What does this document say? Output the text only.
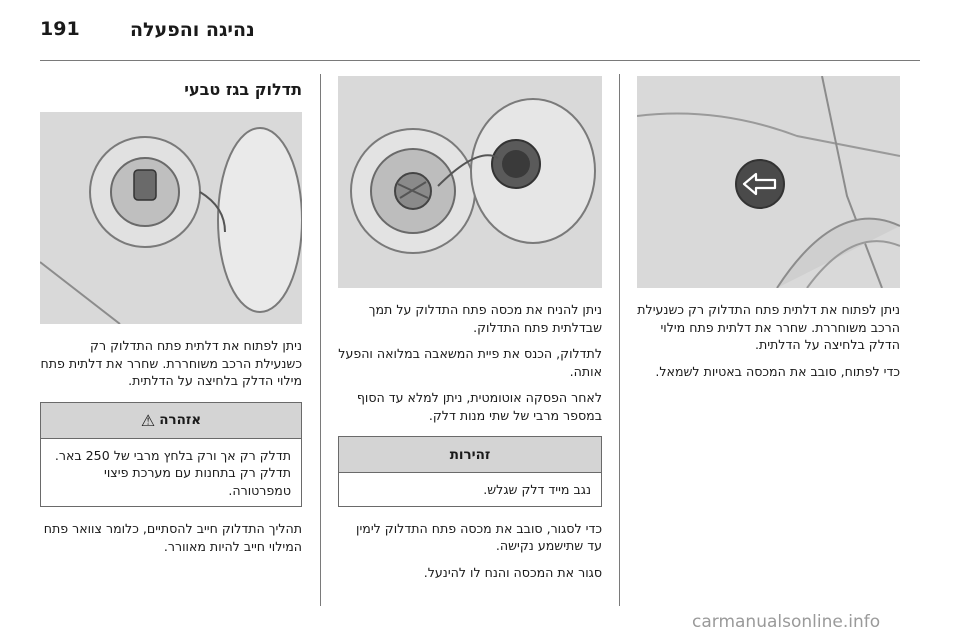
191	נהיגה והפעלה

ניתן לפתוח את דלתית פתח התדלוק רק כשנעילת הרכב משוחררת. שחרר את דלתית פתח מילוי הדלק בלחיצה על הדלתית.

כדי לפתוח, סובב את המכסה באטיות לשמאל.

ניתן להניח את מכסה פתח התדלוק על תמך שבדלתית פתח התדלוק.

לתדלוק, הכנס את פיית המשאבה במלואה והפעל אותה.

לאחר הפסקה אוטומטית, ניתן למלא עד הסוף במספר מרבי של שתי מנות דלק.

זהירות
נגב מייד דלק שגלש.

כדי לסגור, סובב את מכסה פתח התדלוק לימין עד שתישמע נקישה.

סגור את המכסה והנח לו להינעל.

תדלוק בגז טבעי

ניתן לפתוח את דלתית פתח התדלוק רק כשנעילת הרכב משוחררת. שחרר את דלתית פתח מילוי הדלק בלחיצה על הדלתית.

אזהרה
⚠
תדלק רק אך ורק בלחץ מרבי של 250 באר. תדלק רק בתחנות עם מערכת פיצוי טמפרטורה.

תהליך התדלוק חייב להסתיים, כלומר צוואר פתח המילוי חייב להיות מאוורר.

carmanualsonline.info
